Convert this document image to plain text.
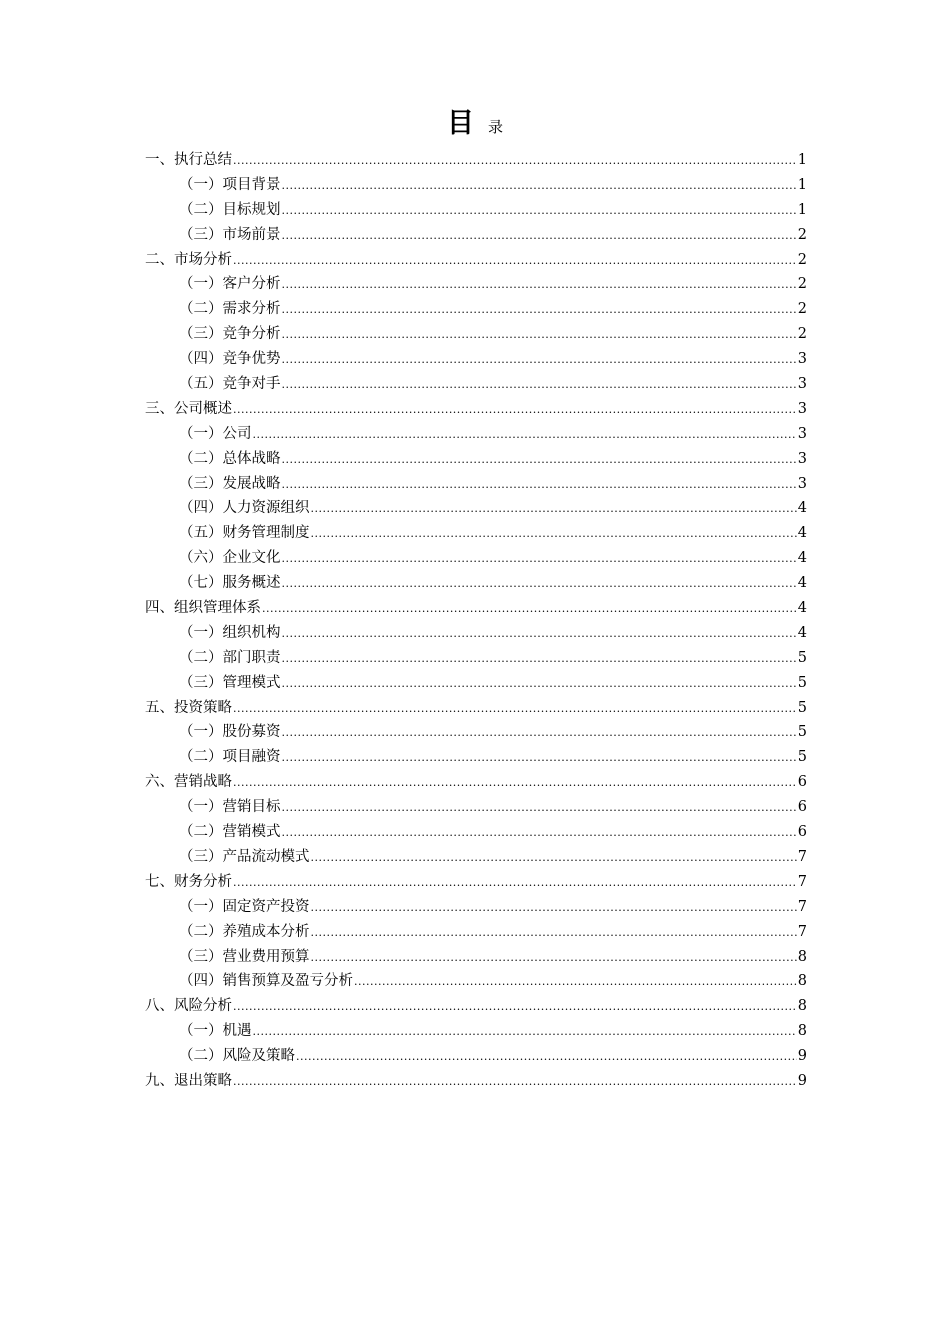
目录
一、执行总结 .....	1
（一）项目背景 .....	1
（二）目标规划 .....	1
（三）市场前景 .....	2
二、市场分析 .....	2
（一）客户分析 .....	2
（二）需求分析 .....	2
（三）竞争分析 .....	2
（四）竞争优势 .....	3
（五）竞争对手 .....	3
三、公司概述 .....	3
（一）公司 .....	3
（二）总体战略 .....	3
（三）发展战略 .....	3
（四）人力资源组织 .....	4
（五）财务管理制度 .....	4
（六）企业文化 .....	4
（七）服务概述 .....	4
四、组织管理体系 .....	4
（一）组织机构 .....	4
（二）部门职责 .....	5
（三）管理模式 .....	5
五、投资策略 .....	5
（一）股份募资 .....	5
（二）项目融资 .....	5
六、营销战略 .....	6
（一）营销目标 .....	6
（二）营销模式 .....	6
（三）产品流动模式 .....	7
七、财务分析 .....	7
（一）固定资产投资 .....	7
（二）养殖成本分析 .....	7
（三）营业费用预算 .....	8
（四）销售预算及盈亏分析 .....	8
八、风险分析 .....	8
（一）机遇 .....	8
（二）风险及策略 .....	9
九、退出策略 .....	9
